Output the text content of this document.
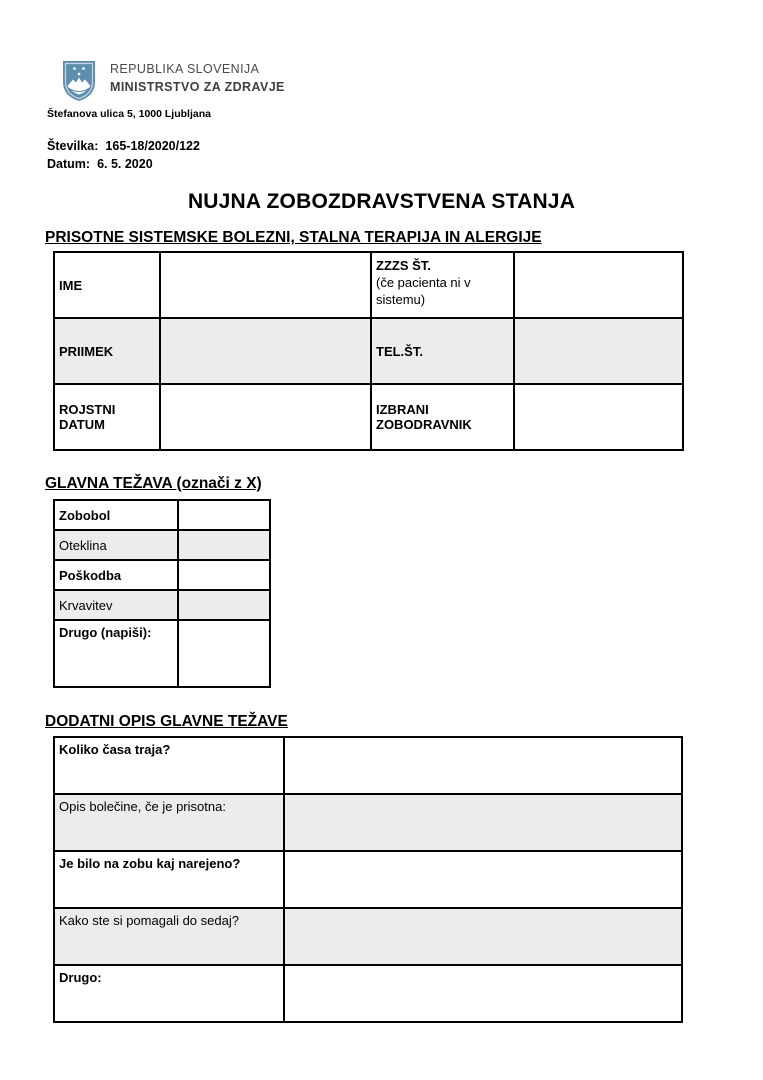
REPUBLIKA SLOVENIJA
MINISTRSTVO ZA ZDRAVJE
Štefanova ulica 5, 1000 Ljubljana
Številka: 165-18/2020/122
Datum: 6. 5. 2020
NUJNA ZOBOZDRAVSTVENA STANJA
PRISOTNE SISTEMSKE BOLEZNI, STALNA TERAPIJA IN ALERGIJE
IME		ZZZS ŠT.
(če pacienta ni v sistemu)	

PRIIMEK		TEL.ŠT.	
ROJSTNI DATUM		IZBRANI ZOBODRAVNIK	
GLAVNA TEŽAVA (označi z X)
Zobobol	
Oteklina	
Poškodba	
Krvavitev	
Drugo (napiši):	
DODATNI OPIS GLAVNE TEŽAVE
Koliko časa traja?	
Opis bolečine, če je prisotna:	
Je bilo na zobu kaj narejeno?	
Kako ste si pomagali do sedaj?	
Drugo:	
